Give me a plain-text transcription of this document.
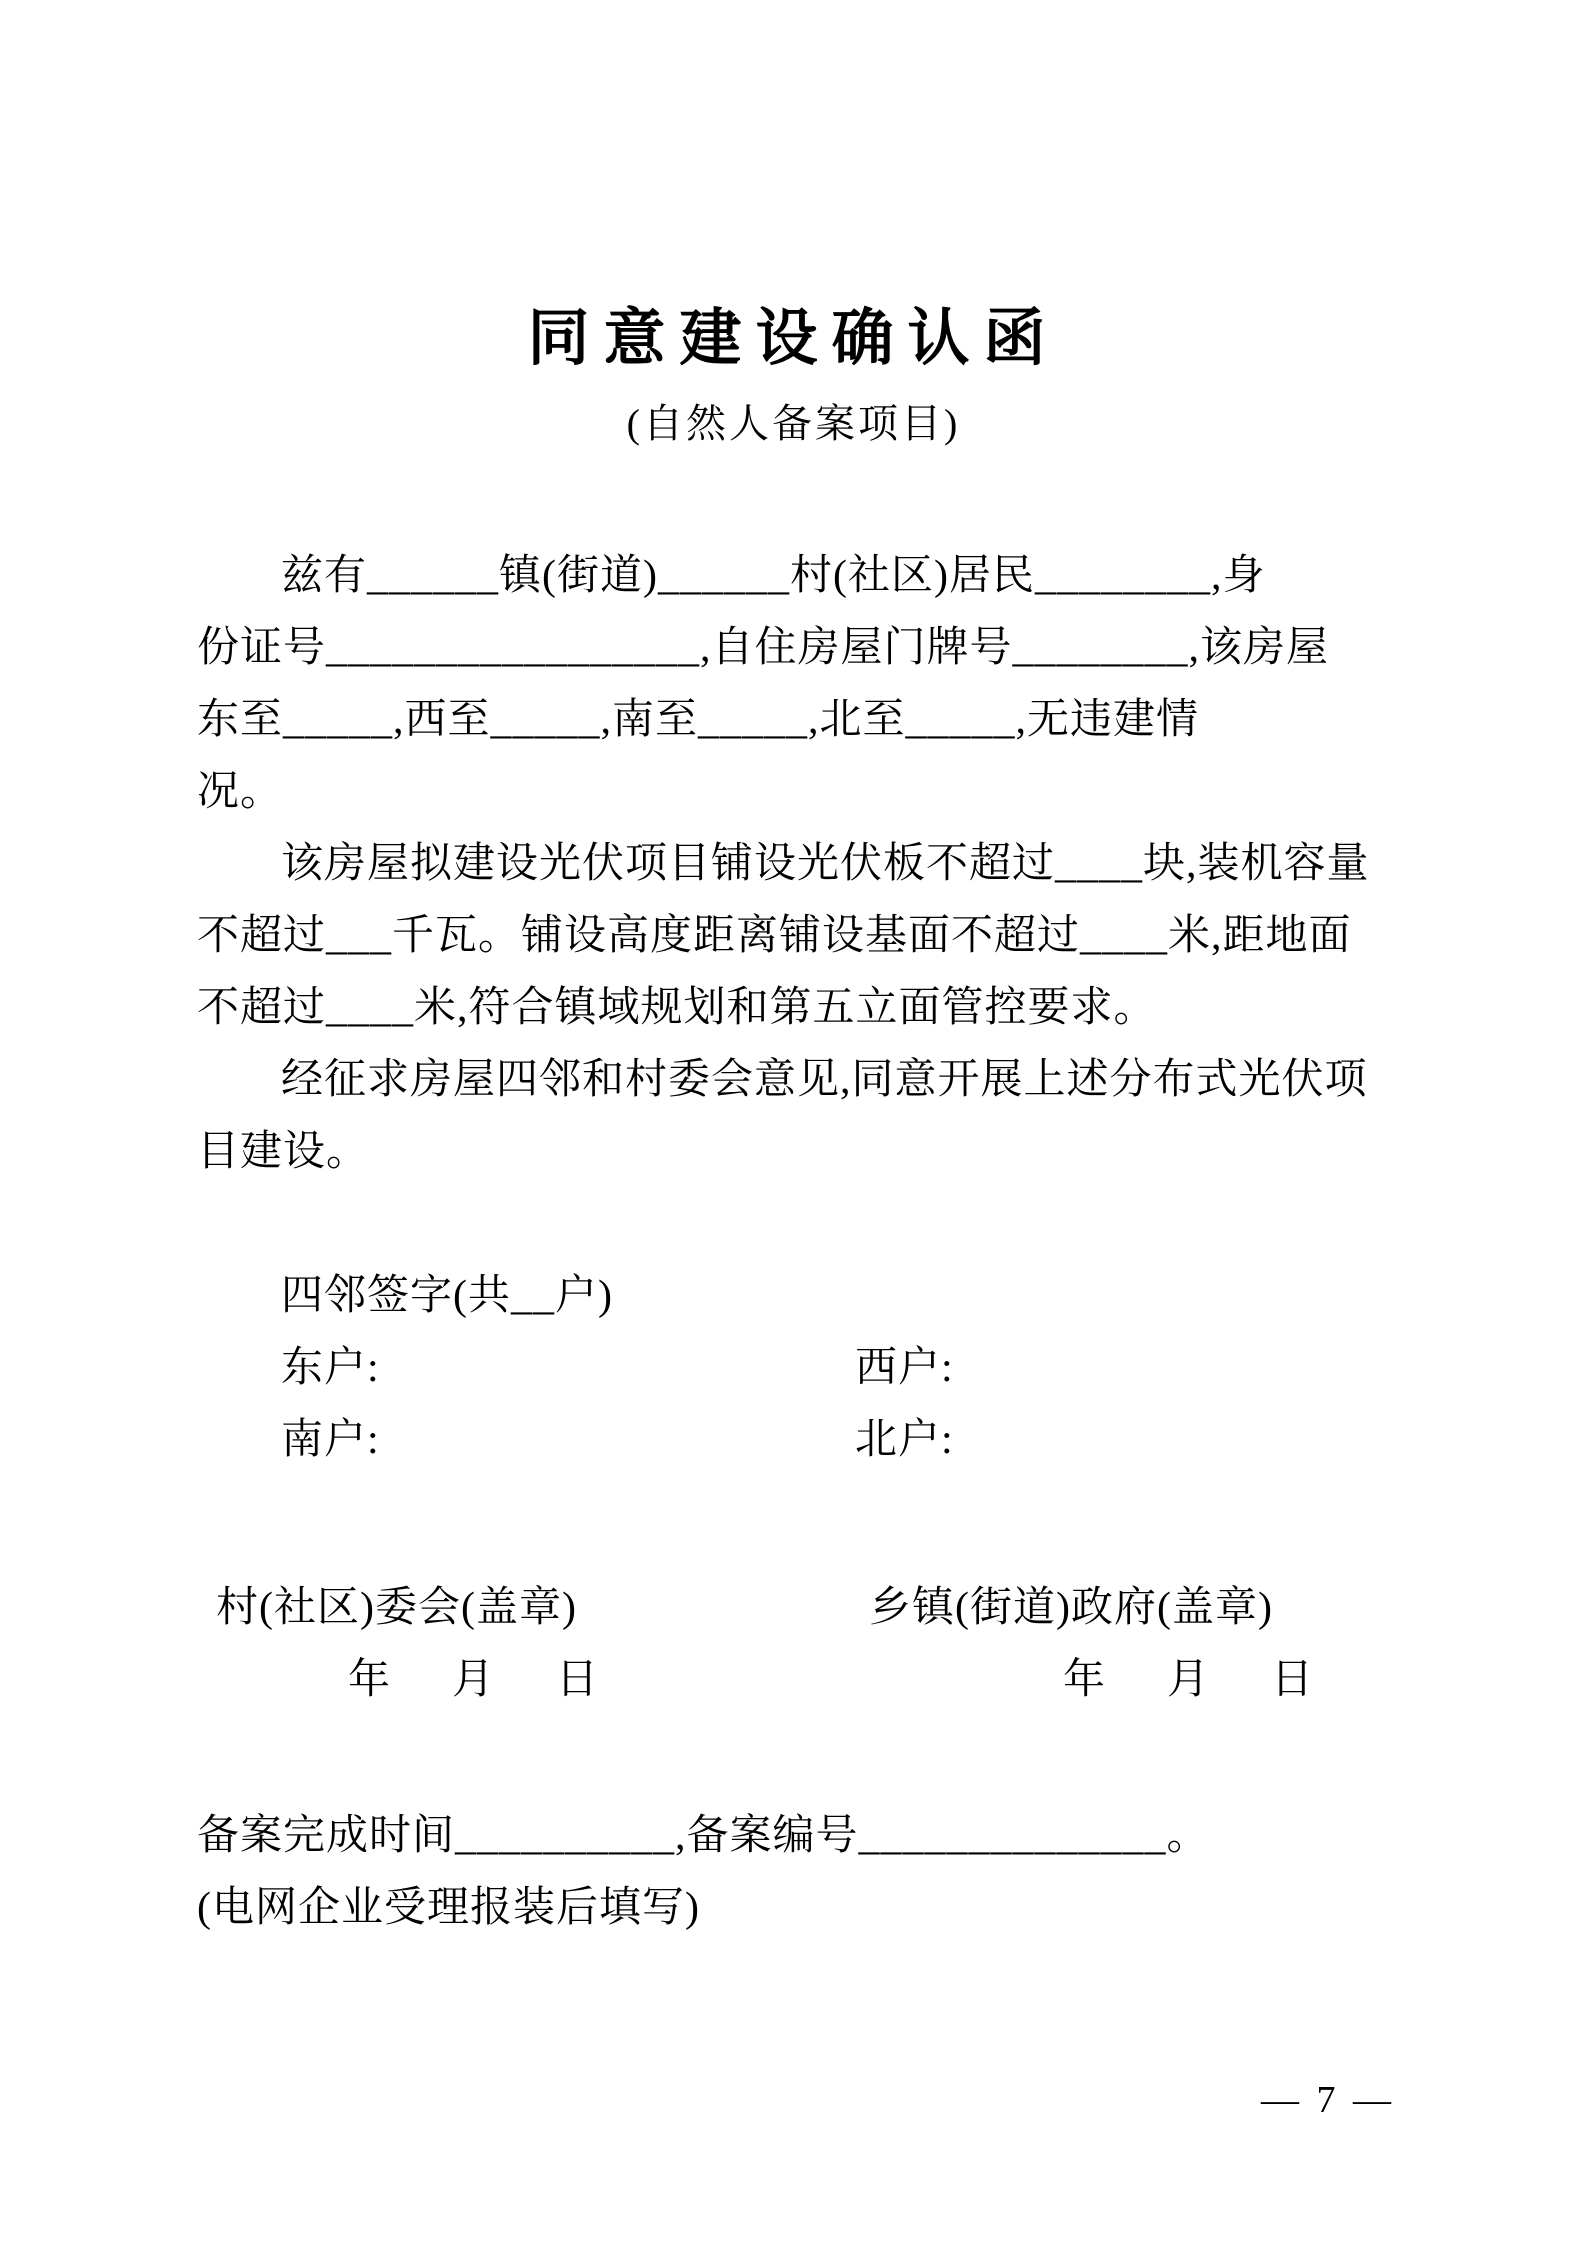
同意建设确认函
(自然人备案项目)
兹有______镇(街道)______村(社区)居民________,身
份证号_________________,自住房屋门牌号________,该房屋
东至_____,西至_____,南至_____,北至_____,无违建情
况。
该房屋拟建设光伏项目铺设光伏板不超过____块,装机容量
不超过___千瓦。铺设高度距离铺设基面不超过____米,距地面
不超过____米,符合镇域规划和第五立面管控要求。
经征求房屋四邻和村委会意见,同意开展上述分布式光伏项
目建设。
四邻签字(共__户)
东户:	西户:
南户:	北户:
村(社区)委会(盖章)	乡镇(街道)政府(盖章)
年　月　日	年　月　日
备案完成时间__________,备案编号______________。
(电网企业受理报装后填写)
— 7 —
